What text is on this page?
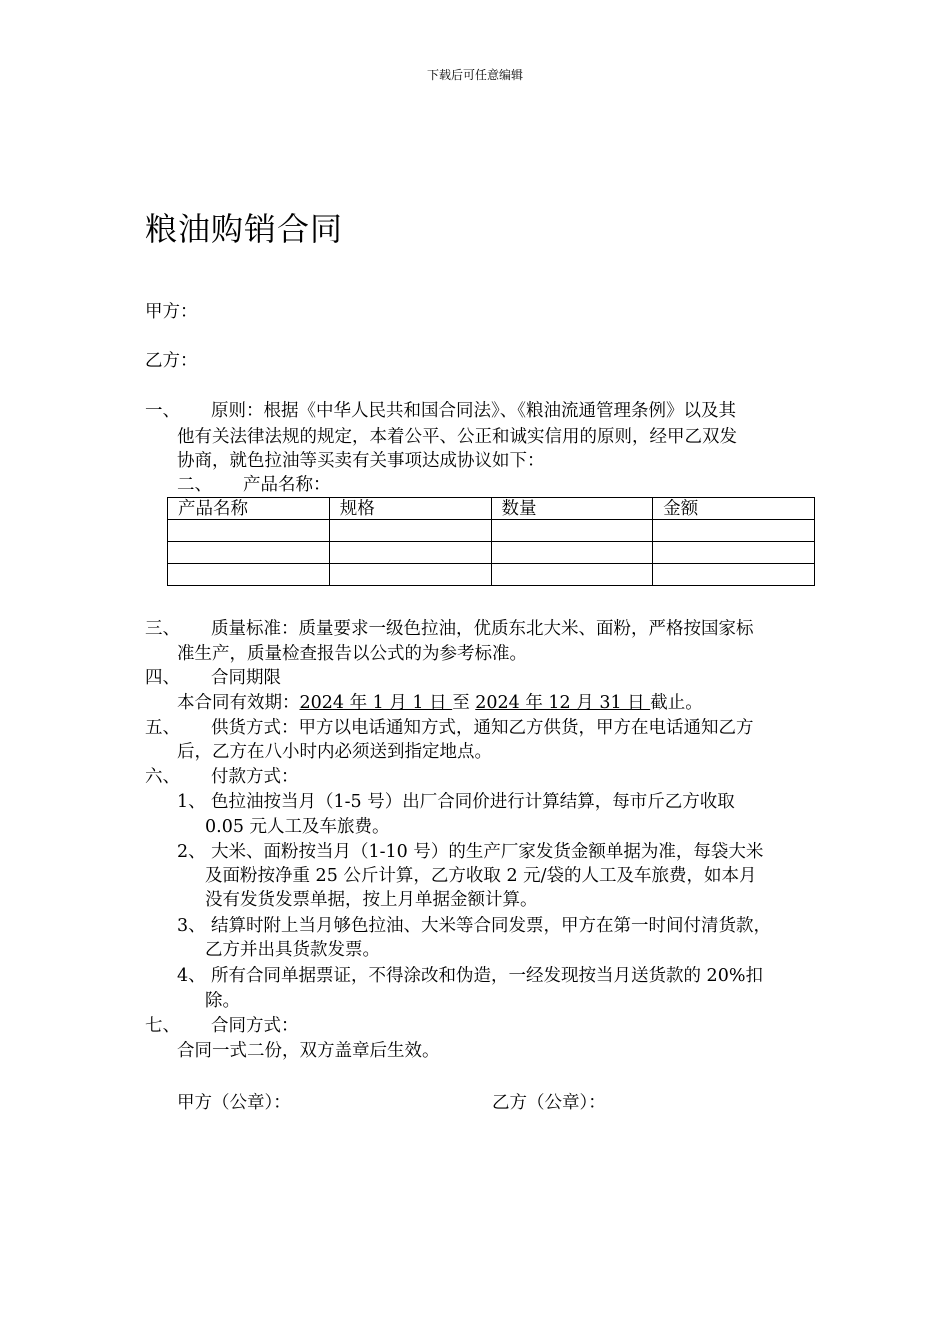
下载后可任意编辑
粮油购销合同
甲方：
乙方：
一、 原则：根据《中华人民共和国合同法》、《粮油流通管理条例》以及其
他有关法律法规的规定，本着公平、公正和诚实信用的原则，经甲乙双发
协商，就色拉油等买卖有关事项达成协议如下：
二、 产品名称：
产品名称	规格	数量	金额

三、 质量标准：质量要求一级色拉油，优质东北大米、面粉，严格按国家标
准生产，质量检查报告以公式的为参考标准。
四、 合同期限
本合同有效期：2024 年 1 月 1 日 至 2024 年 12 月 31 日 截止。
五、 供货方式：甲方以电话通知方式，通知乙方供货，甲方在电话通知乙方
后，乙方在八小时内必须送到指定地点。
六、 付款方式：
1、 色拉油按当月（1-5 号）出厂合同价进行计算结算，每市斤乙方收取
0.05 元人工及车旅费。
2、 大米、面粉按当月（1-10 号）的生产厂家发货金额单据为准，每袋大米
及面粉按净重 25 公斤计算，乙方收取 2 元/袋的人工及车旅费，如本月
没有发货发票单据，按上月单据金额计算。
3、 结算时附上当月够色拉油、大米等合同发票，甲方在第一时间付清货款，
乙方并出具货款发票。
4、 所有合同单据票证，不得涂改和伪造，一经发现按当月送货款的 20%扣
除。
七、 合同方式：
合同一式二份，双方盖章后生效。
甲方（公章）：	乙方（公章）：
